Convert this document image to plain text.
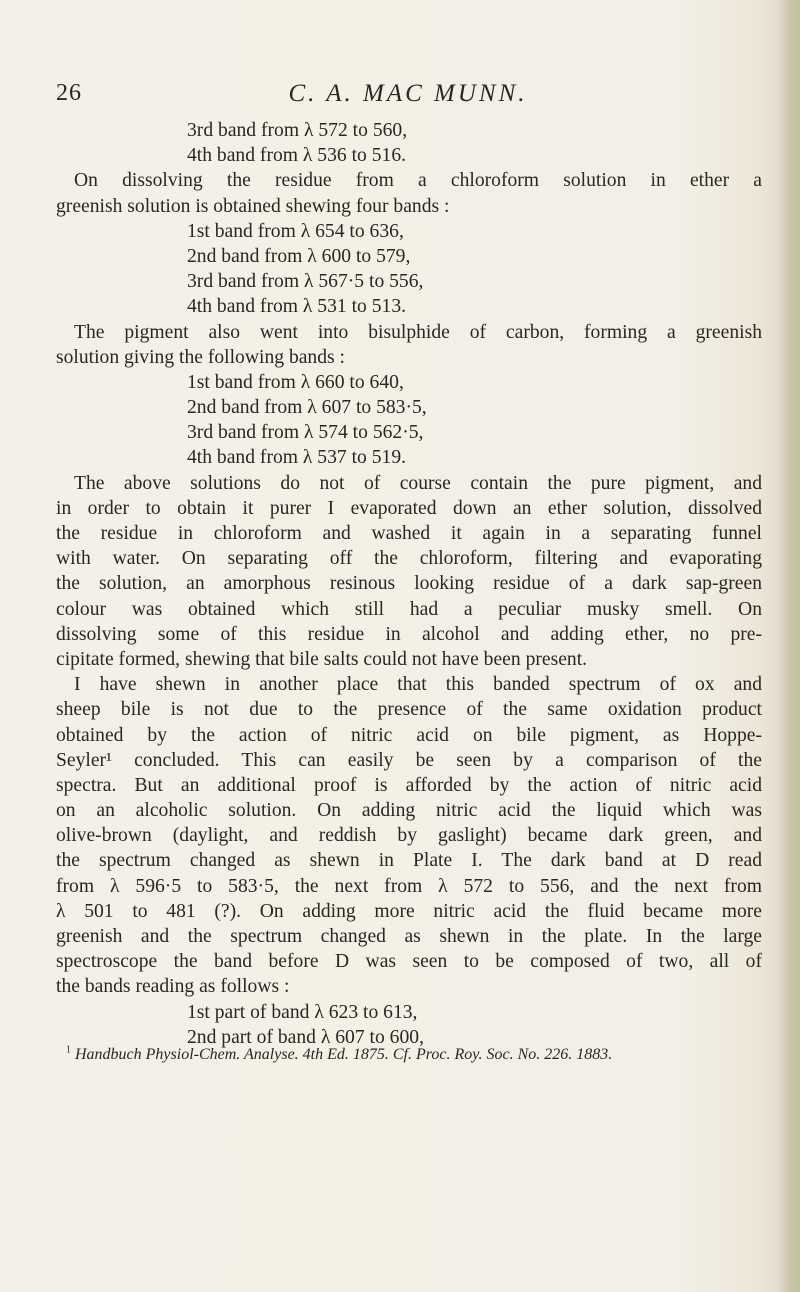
26	C. A. MAC MUNN.
3rd band from λ 572 to 560,
4th band from λ 536 to 516.
On dissolving the residue from a chloroform solution in ether a
greenish solution is obtained shewing four bands :
1st band from λ 654 to 636,
2nd band from λ 600 to 579,
3rd band from λ 567·5 to 556,
4th band from λ 531 to 513.
The pigment also went into bisulphide of carbon, forming a greenish
solution giving the following bands :
1st band from λ 660 to 640,
2nd band from λ 607 to 583·5,
3rd band from λ 574 to 562·5,
4th band from λ 537 to 519.
The above solutions do not of course contain the pure pigment, and
in order to obtain it purer I evaporated down an ether solution, dissolved
the residue in chloroform and washed it again in a separating funnel
with water. On separating off the chloroform, filtering and evaporating
the solution, an amorphous resinous looking residue of a dark sap-green
colour was obtained which still had a peculiar musky smell. On
dissolving some of this residue in alcohol and adding ether, no pre-
cipitate formed, shewing that bile salts could not have been present.
I have shewn in another place that this banded spectrum of ox and
sheep bile is not due to the presence of the same oxidation product
obtained by the action of nitric acid on bile pigment, as Hoppe-
Seyler¹ concluded. This can easily be seen by a comparison of the
spectra. But an additional proof is afforded by the action of nitric acid
on an alcoholic solution. On adding nitric acid the liquid which was
olive-brown (daylight, and reddish by gaslight) became dark green, and
the spectrum changed as shewn in Plate I. The dark band at D read
from λ 596·5 to 583·5, the next from λ 572 to 556, and the next from
λ 501 to 481 (?). On adding more nitric acid the fluid became more
greenish and the spectrum changed as shewn in the plate. In the large
spectroscope the band before D was seen to be composed of two, all of
the bands reading as follows :
1st part of band λ 623 to 613,
2nd part of band λ 607 to 600,
$^1$ Handbuch Physiol-Chem. Analyse. 4th Ed. 1875. Cf. Proc. Roy. Soc. No. 226. 1883.
